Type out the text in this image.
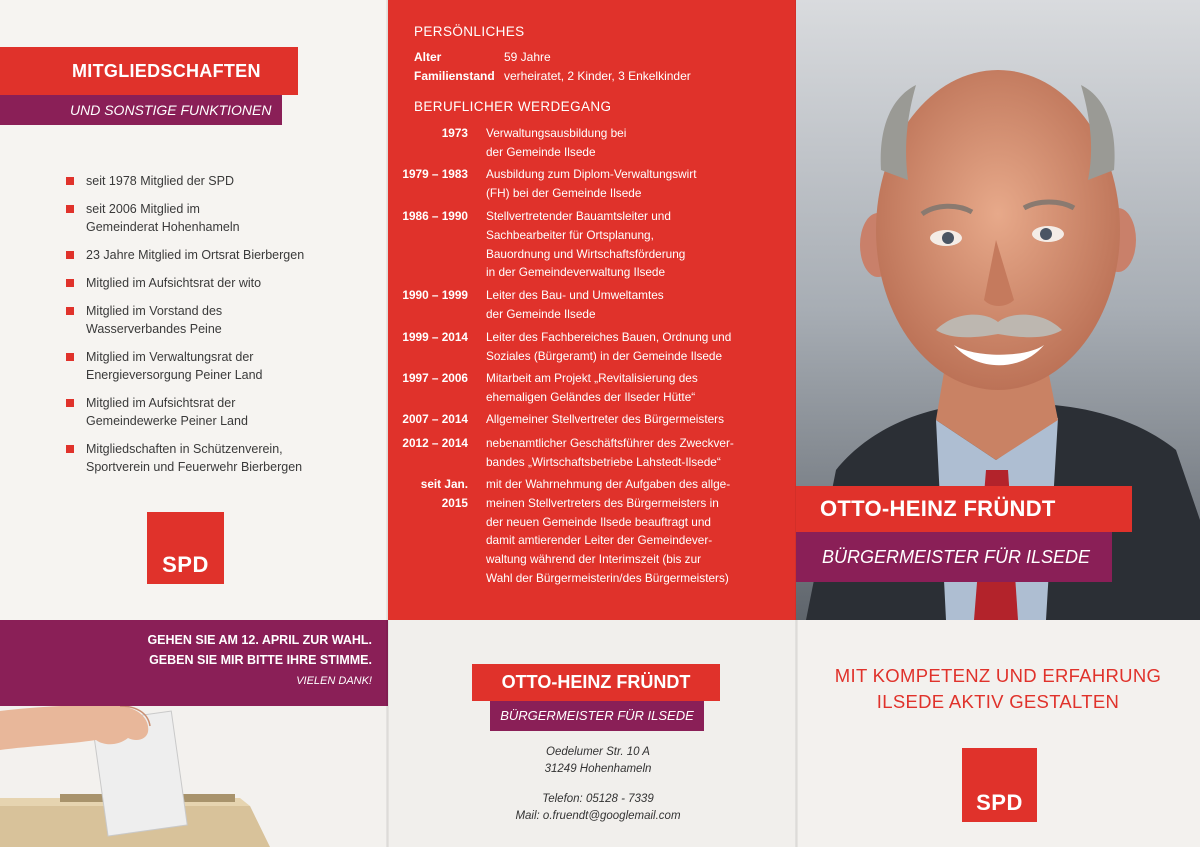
MITGLIEDSCHAFTEN
UND SONSTIGE FUNKTIONEN
seit 1978 Mitglied der SPD
seit 2006 Mitglied im
Gemeinderat Hohenhameln
23 Jahre Mitglied im Ortsrat Bierbergen
Mitglied im Aufsichtsrat der wito
Mitglied im Vorstand des
Wasserverbandes Peine
Mitglied im Verwaltungsrat der
Energieversorgung Peiner Land
Mitglied im Aufsichtsrat der
Gemeindewerke Peiner Land
Mitgliedschaften in Schützenverein,
Sportverein und Feuerwehr Bierbergen
SPD
GEHEN SIE AM 12. APRIL ZUR WAHL.
GEBEN SIE MIR BITTE IHRE STIMME.
VIELEN DANK!
PERSÖNLICHES
Alter	59 Jahre
Familienstand verheiratet, 2 Kinder, 3 Enkelkinder
BERUFLICHER WERDEGANG
1973	Verwaltungsausbildung bei
der Gemeinde Ilsede
1979 – 1983	Ausbildung zum Diplom-Verwaltungswirt
(FH) bei der Gemeinde Ilsede
1986 – 1990	Stellvertretender Bauamtsleiter und
Sachbearbeiter für Ortsplanung,
Bauordnung und Wirtschaftsförderung
in der Gemeindeverwaltung Ilsede
1990 – 1999	Leiter des Bau- und Umweltamtes
der Gemeinde Ilsede
1999 – 2014	Leiter des Fachbereiches Bauen, Ordnung und
Soziales (Bürgeramt) in der Gemeinde Ilsede
1997 – 2006	Mitarbeit am Projekt „Revitalisierung des
ehemaligen Geländes der Ilseder Hütte“
2007 – 2014	Allgemeiner Stellvertreter des Bürgermeisters
2012 – 2014	nebenamtlicher Geschäftsführer des Zweckver-
bandes „Wirtschaftsbetriebe Lahstedt-Ilsede“
seit Jan. 2015
mit der Wahrnehmung der Aufgaben des allge-
meinen Stellvertreters des Bürgermeisters in
der neuen Gemeinde Ilsede beauftragt und
damit amtierender Leiter der Gemeindever-
waltung während der Interimszeit (bis zur
Wahl der Bürgermeisterin/des Bürgermeisters)
OTTO-HEINZ FRÜNDT
BÜRGERMEISTER FÜR ILSEDE
Oedelumer Str. 10 A
31249 Hohenhameln
Telefon: 05128 - 7339
Mail: o.fruendt@googlemail.com
OTTO-HEINZ FRÜNDT
BÜRGERMEISTER FÜR ILSEDE
MIT KOMPETENZ UND ERFAHRUNG
ILSEDE AKTIV GESTALTEN
SPD
